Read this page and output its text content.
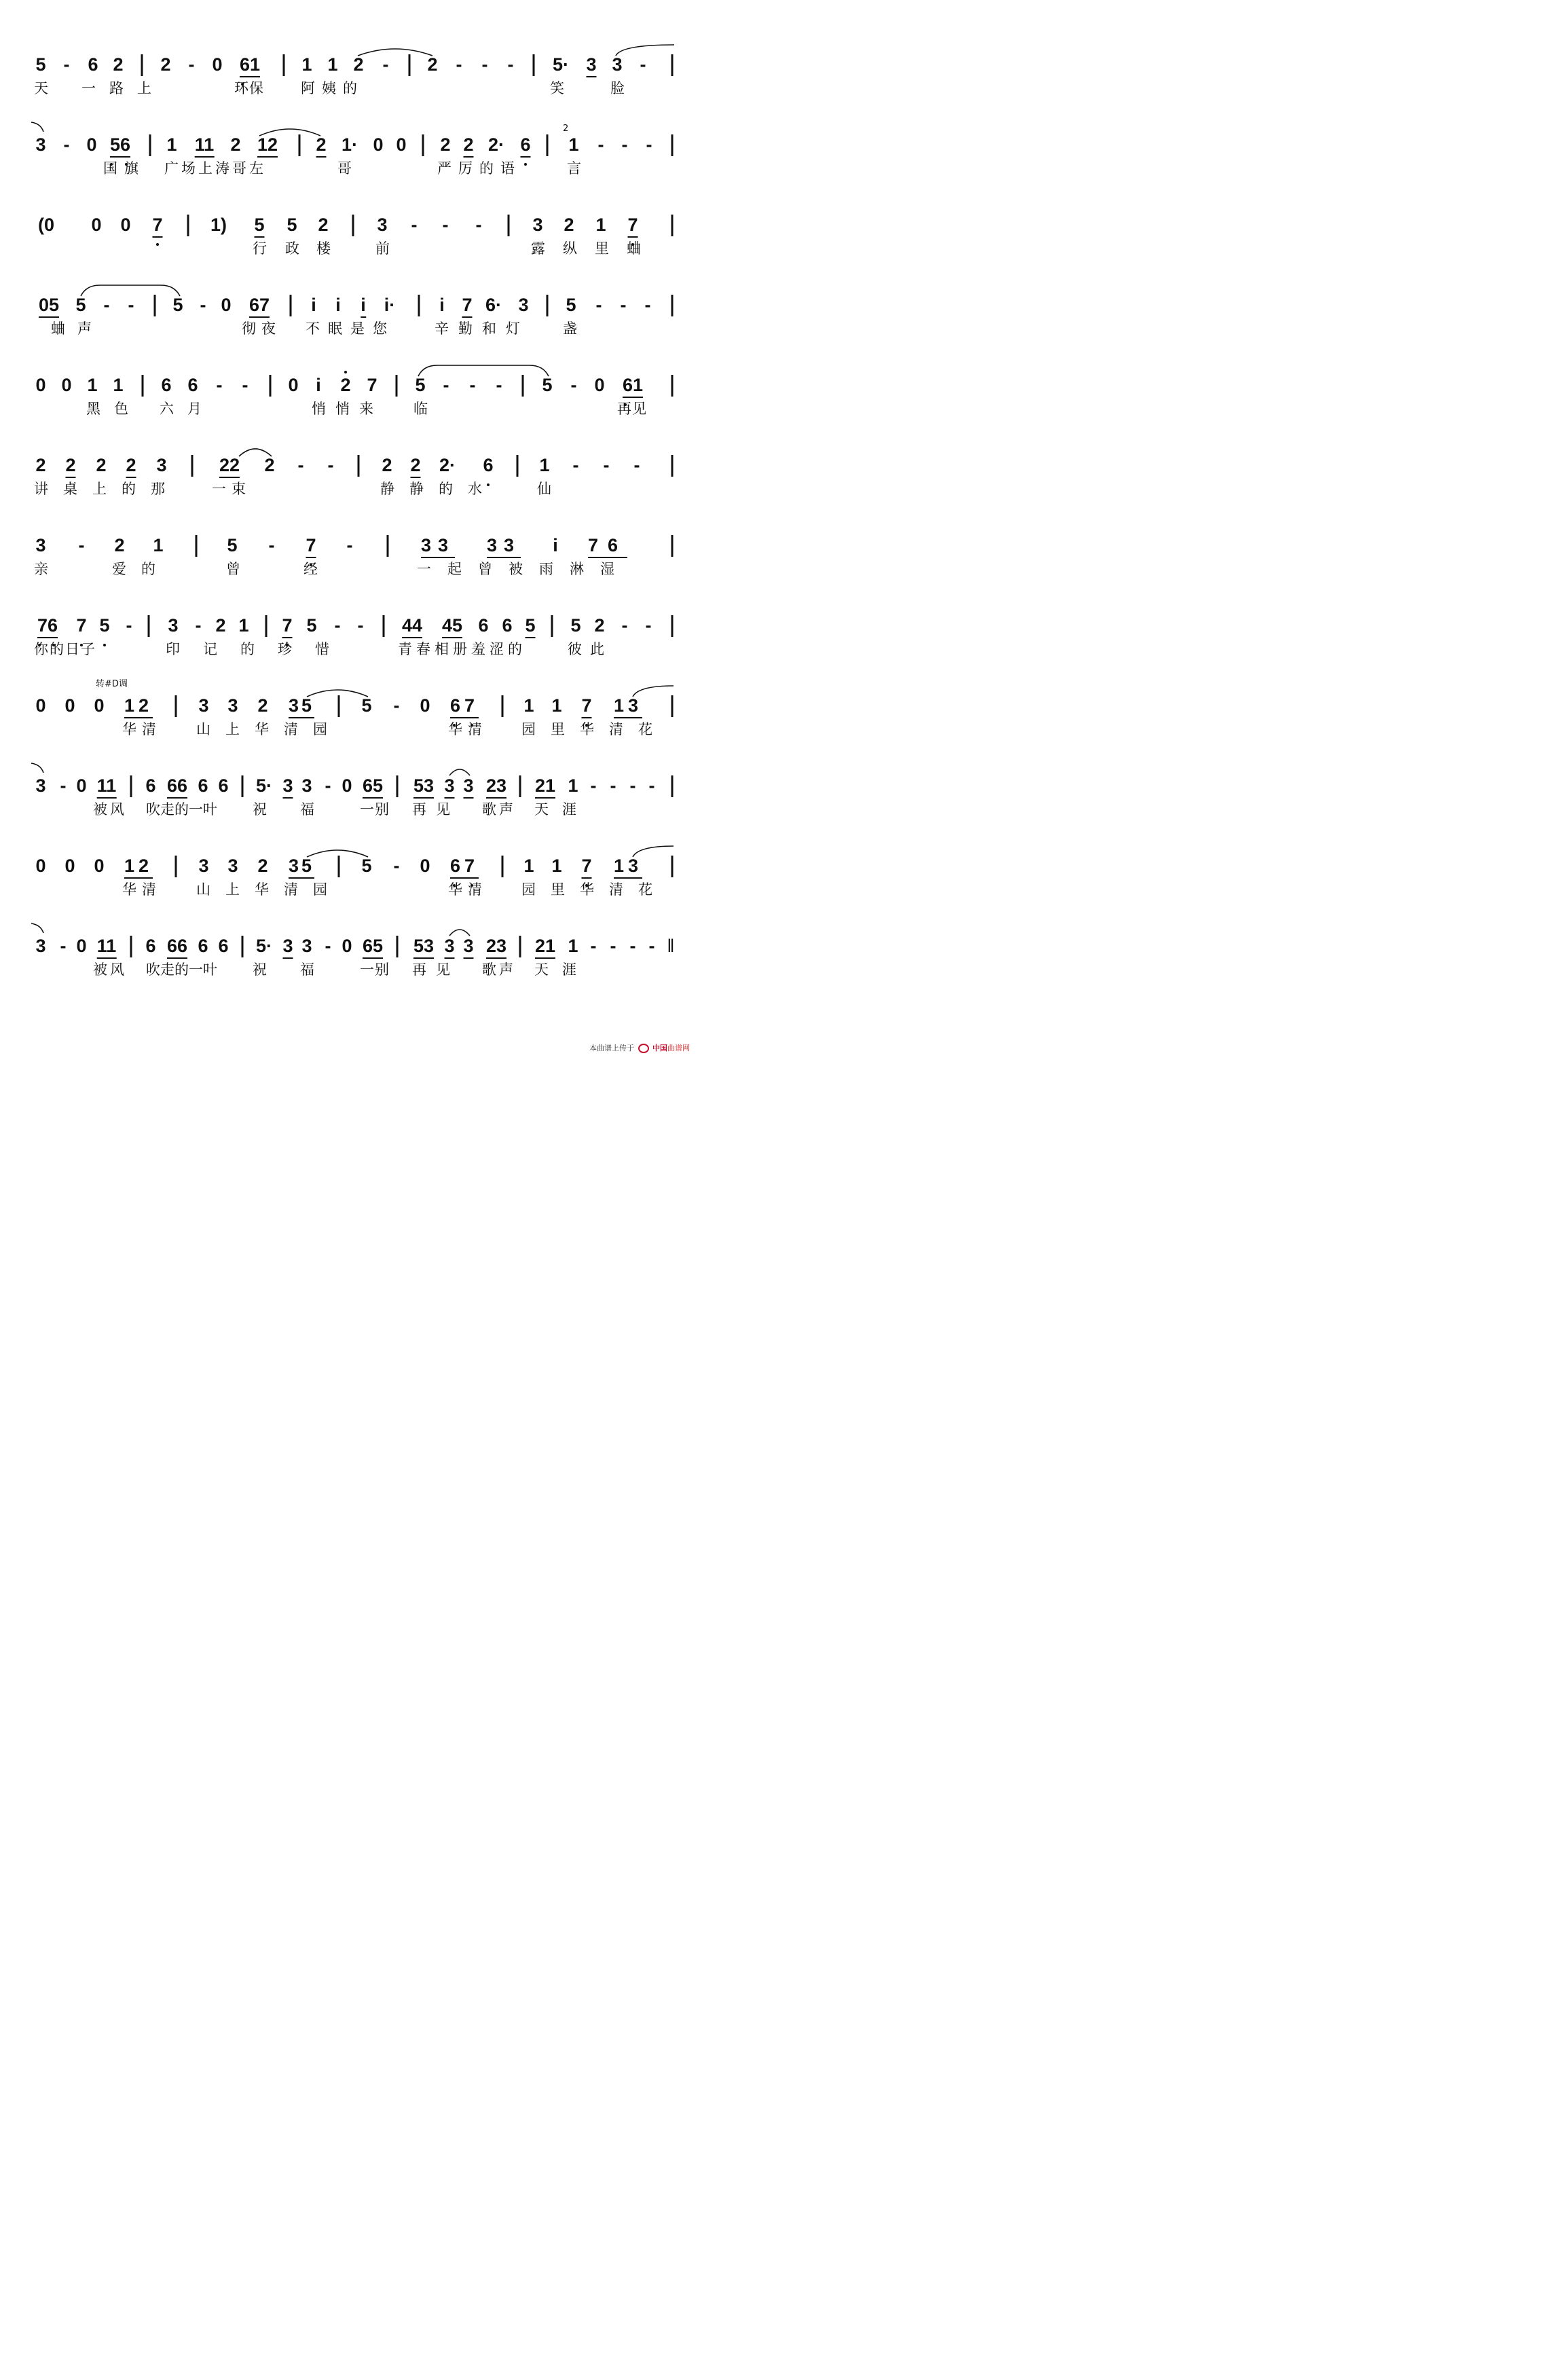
5 - 6 2 2 - 0 61 1 1 2 - 2 - - - 5· 3 3 -
天 一路上	环保	阿姨的	笑	脸
3 - 0 56 1 11 2 12 2 1· 0 0 2 2 2· 6
2
1 - - -
国旗 广场上涛哥左	哥	严厉的语	言
(0 0 0 7	1) 5 5 2	3 - - -	3 2 1 7
行 政 楼	前	露纵里蛐
05 5 - - 5 - 0 67 i i i i· i 7 6· 3 5 - - -
蛐声	彻夜 不眠是您	辛勤和灯 盏
0 0 1 1 6 6 - - 0 i 2 7 5 - - - 5 - 0 61
黑色 六月	悄悄来 临	再见
2 2 2 2 3	22 2 - -	2 2 2· 6	1 - - -
讲桌上的那 一束	静静的水	仙
3 - 2 1	5 - 7 -	33 33 i 76
亲	爱的	曾	经	一起曾被雨淋湿
76 7 5 - 3 - 2 1 7 5 - - 44 45 6 6 5 5 2 - -
你的日子	印记的珍惜	青春相册羞涩的	彼此
转#D调
0 0 0 12 3 3 2 35	5 - 0 67 1 1 7 13
华清 山上华清园	华清 园里华清花
3 - 0 11 6 66 6 6 5· 3 3 - 0 65 53 3 3 23 21 1 - - - -
被风 吹走的一叶 祝 福	一别 再见 歌声 天涯
0 0 0 12 3 3 2 35	5 - 0 67 1 1 7 13
华清 山上华清园	华清 园里华清花
3 - 0 11 6 66 6 6 5· 3 3 - 0 65 53 3 3 23 21 1 - - - - ‖
被风 吹走的一叶 祝 福	一别 再见 歌声 天涯
本曲谱上传于 中国曲谱网
